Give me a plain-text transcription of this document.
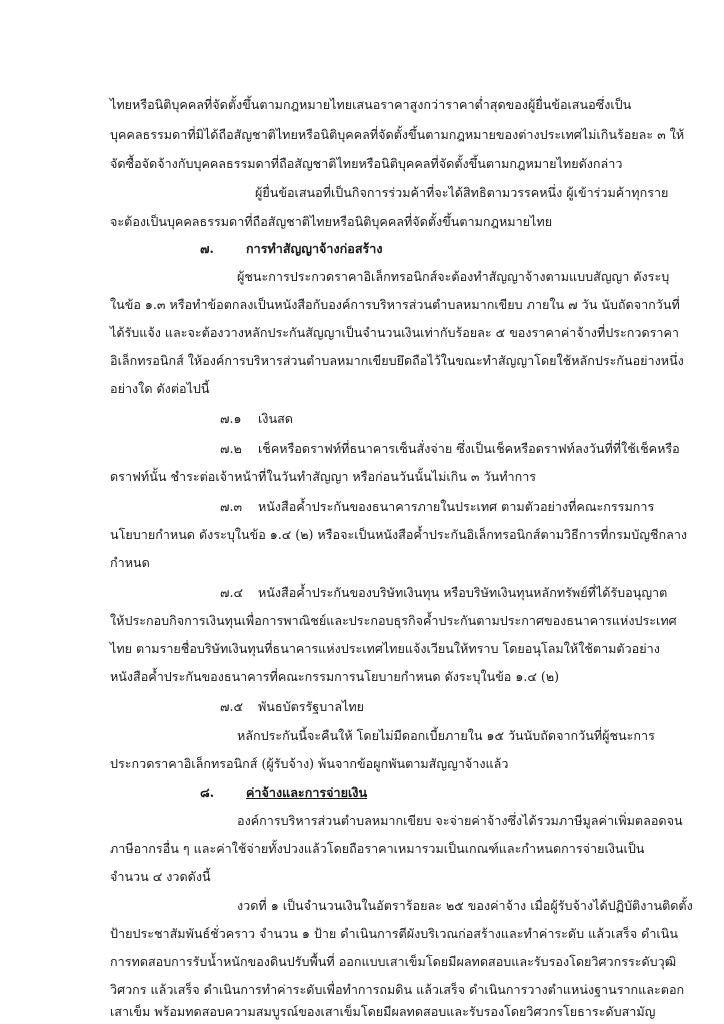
ไทยหรือนิติบุคคลที่จัดตั้งขึ้นตามกฎหมายไทยเสนอราคาสูงกว่าราคาต่ำสุดของผู้ยื่นข้อเสนอซึ่งเป็น
บุคคลธรรมดาที่มิได้ถือสัญชาติไทยหรือนิติบุคคลที่จัดตั้งขึ้นตามกฎหมายของต่างประเทศไม่เกินร้อยละ ๓ ให้
จัดซื้อจัดจ้างกับบุคคลธรรมดาที่ถือสัญชาติไทยหรือนิติบุคคลที่จัดตั้งขึ้นตามกฎหมายไทยดังกล่าว
ผู้ยื่นข้อเสนอที่เป็นกิจการร่วมค้าที่จะได้สิทธิตามวรรคหนึ่ง ผู้เข้าร่วมค้าทุกราย
จะต้องเป็นบุคคลธรรมดาที่ถือสัญชาติไทยหรือนิติบุคคลที่จัดตั้งขึ้นตามกฎหมายไทย
๗.	การทำสัญญาจ้างก่อสร้าง
ผู้ชนะการประกวดราคาอิเล็กทรอนิกส์จะต้องทำสัญญาจ้างตามแบบสัญญา ดังระบุ
ในข้อ ๑.๓ หรือทำข้อตกลงเป็นหนังสือกับองค์การบริหารส่วนตำบลหมากเขียบ ภายใน ๗ วัน นับถัดจากวันที่
ได้รับแจ้ง และจะต้องวางหลักประกันสัญญาเป็นจำนวนเงินเท่ากับร้อยละ ๕ ของราคาค่าจ้างที่ประกวดราคา
อิเล็กทรอนิกส์ ให้องค์การบริหารส่วนตำบลหมากเขียบยึดถือไว้ในขณะทำสัญญาโดยใช้หลักประกันอย่างหนึ่ง
อย่างใด ดังต่อไปนี้
๗.๑ เงินสด
๗.๒ เช็คหรือดราฟท์ที่ธนาคารเซ็นสั่งจ่าย ซึ่งเป็นเช็คหรือดราฟท์ลงวันที่ที่ใช้เช็คหรือ
ดราฟท์นั้น ชำระต่อเจ้าหน้าที่ในวันทำสัญญา หรือก่อนวันนั้นไม่เกิน ๓ วันทำการ
๗.๓ หนังสือค้ำประกันของธนาคารภายในประเทศ ตามตัวอย่างที่คณะกรรมการ
นโยบายกำหนด ดังระบุในข้อ ๑.๔ (๒) หรือจะเป็นหนังสือค้ำประกันอิเล็กทรอนิกส์ตามวิธีการที่กรมบัญชีกลาง
กำหนด
๗.๔ หนังสือค้ำประกันของบริษัทเงินทุน หรือบริษัทเงินทุนหลักทรัพย์ที่ได้รับอนุญาต
ให้ประกอบกิจการเงินทุนเพื่อการพาณิชย์และประกอบธุรกิจค้ำประกันตามประกาศของธนาคารแห่งประเทศ
ไทย ตามรายชื่อบริษัทเงินทุนที่ธนาคารแห่งประเทศไทยแจ้งเวียนให้ทราบ โดยอนุโลมให้ใช้ตามตัวอย่าง
หนังสือค้ำประกันของธนาคารที่คณะกรรมการนโยบายกำหนด ดังระบุในข้อ ๑.๔ (๒)
๗.๕ พันธบัตรรัฐบาลไทย
หลักประกันนี้จะคืนให้ โดยไม่มีดอกเบี้ยภายใน ๑๕ วันนับถัดจากวันที่ผู้ชนะการ
ประกวดราคาอิเล็กทรอนิกส์ (ผู้รับจ้าง) พ้นจากข้อผูกพันตามสัญญาจ้างแล้ว
๘.	ค่าจ้างและการจ่ายเงิน
องค์การบริหารส่วนตำบลหมากเขียบ จะจ่ายค่าจ้างซึ่งได้รวมภาษีมูลค่าเพิ่มตลอดจน
ภาษีอากรอื่น ๆ และค่าใช้จ่ายทั้งปวงแล้วโดยถือราคาเหมารวมเป็นเกณฑ์และกำหนดการจ่ายเงินเป็น
จำนวน ๔ งวดดังนี้
งวดที่ ๑ เป็นจำนวนเงินในอัตราร้อยละ ๒๕ ของค่าจ้าง เมื่อผู้รับจ้างได้ปฏิบัติงานติดตั้ง
ป้ายประชาสัมพันธ์ชั่วคราว จำนวน ๑ ป้าย ดำเนินการตีผังบริเวณก่อสร้างและทำค่าระดับ แล้วเสร็จ ดำเนิน
การทดสอบการรับน้ำหนักของดินปรับพื้นที่ ออกแบบเสาเข็มโดยมีผลทดสอบและรับรองโดยวิศวกรระดับวุฒิ
วิศวกร แล้วเสร็จ ดำเนินการทำค่าระดับเพื่อทำการถมดิน แล้วเสร็จ ดำเนินการวางตำแหน่งฐานรากและตอก
เสาเข็ม พร้อมทดสอบความสมบูรณ์ของเสาเข็มโดยมีผลทดสอบและรับรองโดยวิศวกรโยธาระดับสามัญ
